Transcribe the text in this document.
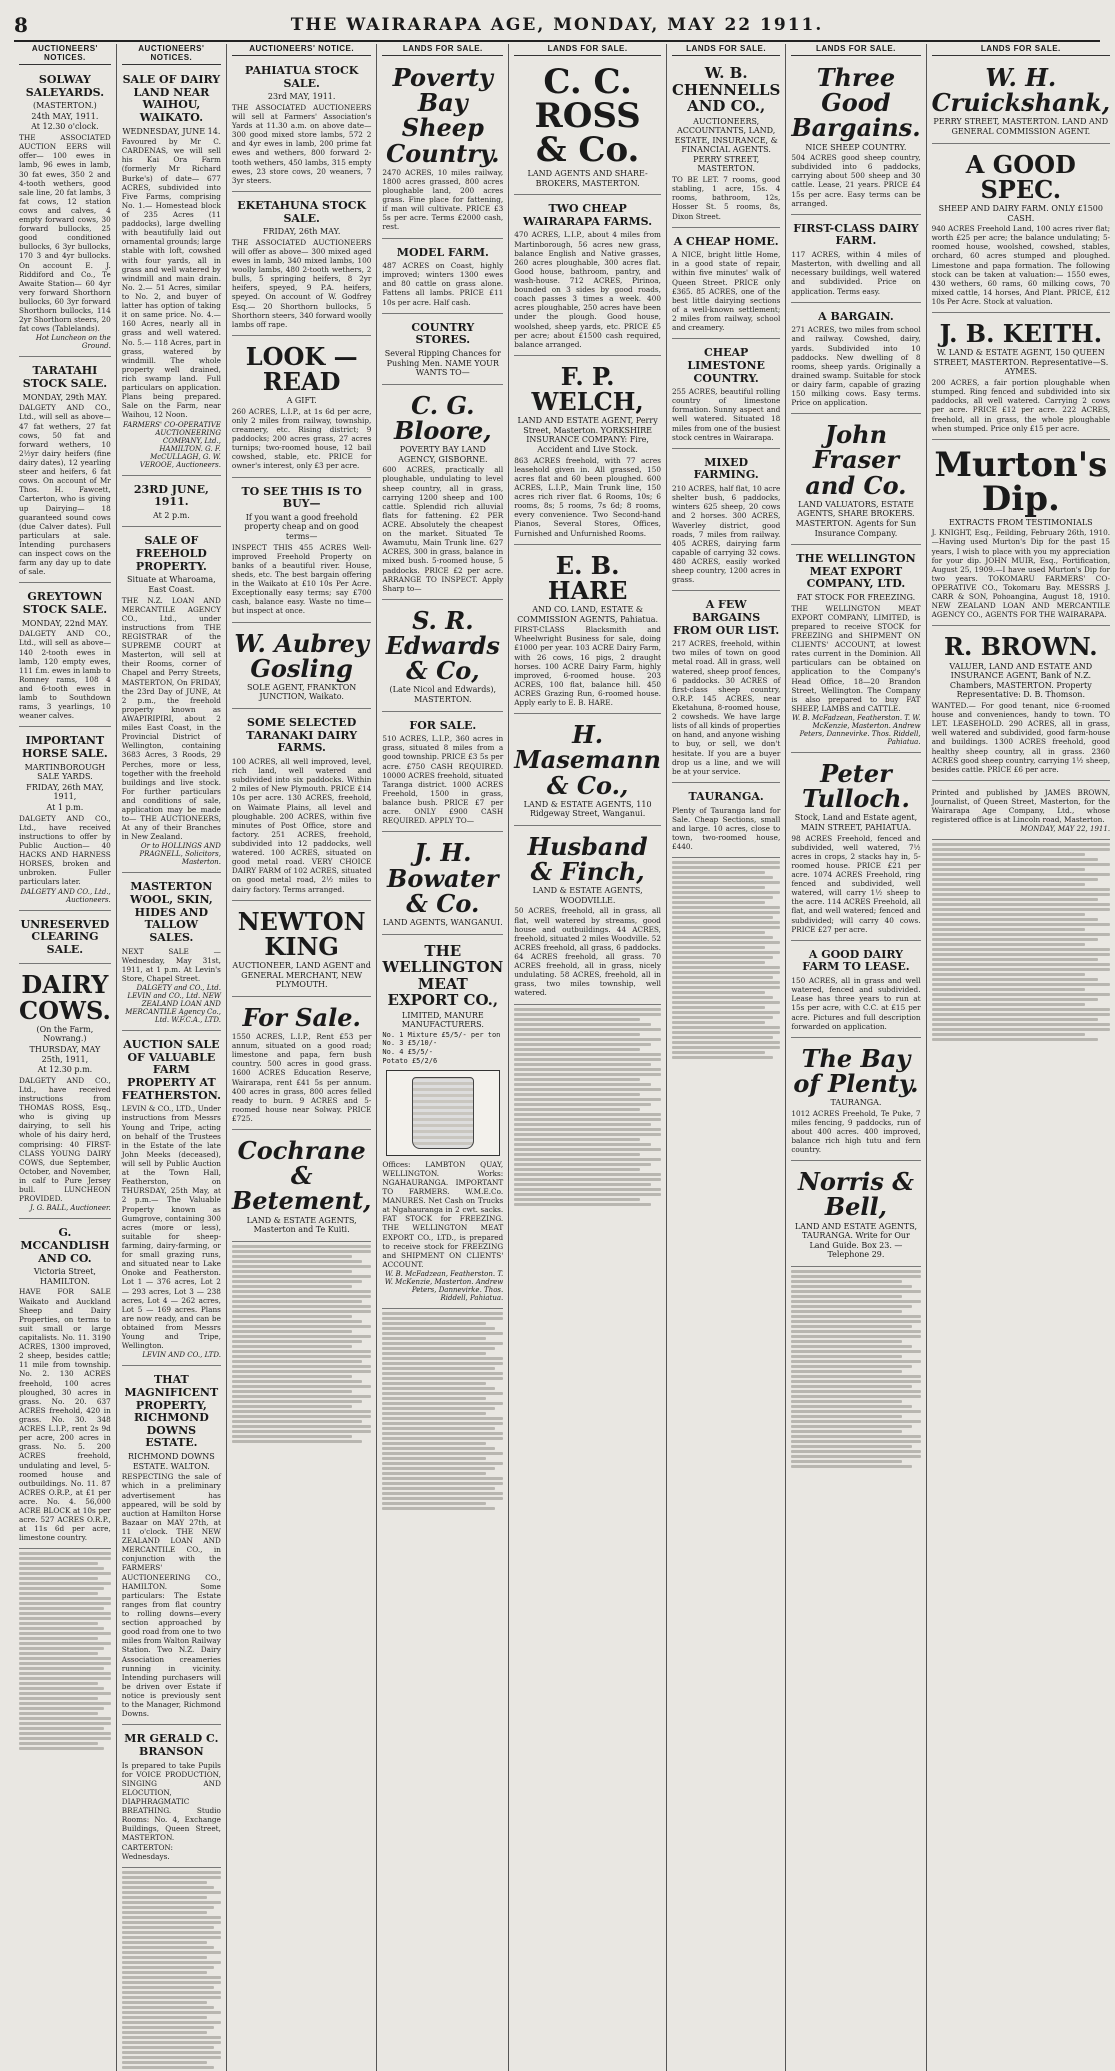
8	THE WAIRARAPA AGE, MONDAY, MAY 22 1911.
AUCTIONEERS' NOTICES.
SOLWAY SALEYARDS.
(MASTERTON.)
24th MAY, 1911.
At 12.30 o'clock.
THE ASSOCIATED AUCTION EERS will offer— 100 ewes in lamb, 96 ewes in lamb, 30 fat ewes, 350 2 and 4-tooth wethers, good sale line, 20 fat lambs, 3 fat cows, 12 station cows and calves, 4 empty forward cows, 30 forward bullocks, 25 good conditioned bullocks, 6 3yr bullocks, 170 3 and 4yr bullocks. On account E. J. Riddiford and Co., Te Awaite Station— 60 4yr very forward Shorthorn bullocks, 60 3yr forward Shorthorn bullocks, 114 2yr Shorthorn steers, 20 fat cows (Tablelands).
Hot Luncheon on the Ground.
TARATAHI STOCK SALE.
MONDAY, 29th MAY.
DALGETY AND CO., Ltd., will sell as above— 47 fat wethers, 27 fat cows, 50 fat and forward wethers, 10 2½yr dairy heifers (fine dairy dates), 12 yearling steer and heifers, 6 fat cows. On account of Mr Thos. H. Fawcett, Carterton, who is giving up Dairying— 18 guaranteed sound cows (due Calver dates). Full particulars at sale. Intending purchasers can inspect cows on the farm any day up to date of sale.
GREYTOWN STOCK SALE.
MONDAY, 22nd MAY.
DALGETY AND CO., Ltd., will sell as above— 140 2-tooth ewes in lamb, 120 empty ewes, 111 f.m. ewes in lamb to Romney rams, 108 4 and 6-tooth ewes in lamb to Southdown rams, 3 yearlings, 10 weaner calves.
IMPORTANT HORSE SALE.
MARTINBOROUGH SALE YARDS.
FRIDAY, 26th MAY, 1911,
At 1 p.m.
DALGETY AND CO., Ltd., have received instructions to offer by Public Auction— 40 HACKS AND HARNESS HORSES, broken and unbroken. Fuller particulars later.
DALGETY AND CO., Ltd., Auctioneers.
UNRESERVED CLEARING SALE.
DAIRY COWS.
(On the Farm, Nowrang.)
THURSDAY, MAY 25th, 1911,
At 12.30 p.m.
DALGETY AND CO., Ltd., have received instructions from THOMAS ROSS, Esq., who is giving up dairying, to sell his whole of his dairy herd, comprising: 40 FIRST-CLASS YOUNG DAIRY COWS, due September, October, and November, in calf to Pure Jersey bull. LUNCHEON PROVIDED.
J. G. BALL, Auctioneer.
G. MCCANDLISH AND CO.
Victoria Street, HAMILTON.
HAVE FOR SALE Waikato and Auckland Sheep and Dairy Properties, on terms to suit small or large capitalists. No. 11. 3190 ACRES, 1300 improved, 2 sheep, besides cattle; 11 mile from township. No. 2. 130 ACRES freehold, 100 acres ploughed, 30 acres in grass. No. 20. 637 ACRES freehold, 420 in grass. No. 30. 348 ACRES L.I.P., rent 2s 9d per acre, 200 acres in grass. No. 5. 200 ACRES freehold, undulating and level, 5-roomed house and outbuildings. No. 11. 87 ACRES O.R.P., at £1 per acre. No. 4. 56,000 ACRE BLOCK at 10s per acre. 527 ACRES O.R.P., at 11s 6d per acre, limestone country.
AUCTIONEERS' NOTICES.
SALE OF DAIRY LAND NEAR WAIHOU, WAIKATO.
WEDNESDAY, JUNE 14.
Favoured by Mr C. CARDENAS, we will sell his Kai Ora Farm (formerly Mr Richard Burke's) of date— 677 ACRES, subdivided into Five Farms, comprising No. 1.— Homestead block of 235 Acres (11 paddocks), large dwelling with beautifully laid out ornamental grounds; large stable with loft, cowshed with four yards, all in grass and well watered by windmill and main drain. No. 2.— 51 Acres, similar to No. 2, and buyer of latter has option of taking it on same price. No. 4.— 160 Acres, nearly all in grass and well watered. No. 5.— 118 Acres, part in grass, watered by windmill. The whole property well drained, rich swamp land. Full particulars on application. Plans being prepared. Sale on the Farm, near Waihou, 12 Noon.
FARMERS' CO-OPERATIVE AUCTIONEERING COMPANY, Ltd., HAMILTON. G. F. McCULLAGH, G. W. VEROOE, Auctioneers.
23RD JUNE, 1911.
At 2 p.m.
SALE OF FREEHOLD PROPERTY.
Situate at Wharoama, East Coast.
THE N.Z. LOAN AND MERCANTILE AGENCY CO., Ltd., under instructions from THE REGISTRAR of the SUPREME COURT at Masterton, will sell at their Rooms, corner of Chapel and Perry Streets, MASTERTON, On FRIDAY, the 23rd Day of JUNE, At 2 p.m., the freehold property known as AWAPIRIPIRI, about 2 miles East Coast, in the Provincial District of Wellington, containing 3683 Acres, 3 Roods, 29 Perches, more or less, together with the freehold buildings and live stock. For further particulars and conditions of sale, application may be made to— THE AUCTIONEERS, At any of their Branches in New Zealand.
Or to HOLLINGS AND PRAGNELL, Solicitors, Masterton.
MASTERTON WOOL, SKIN, HIDES AND TALLOW SALES.
NEXT SALE — Wednesday, May 31st, 1911, at 1 p.m. At Levin's Store, Chapel Street.
DALGETY and CO., Ltd. LEVIN and CO., Ltd. NEW ZEALAND LOAN AND MERCANTILE Agency Co., Ltd. W.F.C.A., LTD.
AUCTION SALE OF VALUABLE FARM PROPERTY AT FEATHERSTON.
LEVIN & CO., LTD., Under instructions from Messrs Young and Tripe, acting on behalf of the Trustees in the Estate of the late John Meeks (deceased), will sell by Public Auction at the Town Hall, Featherston, on THURSDAY, 25th May, at 2 p.m.— The Valuable Property known as Gumgrove, containing 300 acres (more or less), suitable for sheep-farming, dairy-farming, or for small grazing runs, and situated near to Lake Onoke and Featherston. Lot 1 — 376 acres, Lot 2 — 293 acres, Lot 3 — 238 acres, Lot 4 — 262 acres, Lot 5 — 169 acres. Plans are now ready, and can be obtained from Messrs Young and Tripe, Wellington.
LEVIN AND CO., LTD.
THAT MAGNIFICENT PROPERTY, RICHMOND DOWNS ESTATE.
RICHMOND DOWNS ESTATE. WALTON.
RESPECTING the sale of which in a preliminary advertisement has appeared, will be sold by auction at Hamilton Horse Bazaar on MAY 27th, at 11 o'clock. THE NEW ZEALAND LOAN AND MERCANTILE CO., in conjunction with the FARMERS' AUCTIONEERING CO., HAMILTON. Some particulars: The Estate ranges from flat country to rolling downs—every section approached by good road from one to two miles from Walton Railway Station. Two N.Z. Dairy Association creameries running in vicinity. Intending purchasers will be driven over Estate if notice is previously sent to the Manager, Richmond Downs.
MR GERALD C. BRANSON
Is prepared to take Pupils for VOICE PRODUCTION, SINGING AND ELOCUTION, DIAPHRAGMATIC BREATHING. Studio Rooms: No. 4, Exchange Buildings, Queen Street, MASTERTON. CARTERTON: Wednesdays.
AUCTIONEERS' NOTICE.
PAHIATUA STOCK SALE.
23rd MAY, 1911.
THE ASSOCIATED AUCTIONEERS will sell at Farmers' Association's Yards at 11.30 a.m. on above date— 300 good mixed store lambs, 572 2 and 4yr ewes in lamb, 200 prime fat ewes and wethers, 800 forward 2-tooth wethers, 450 lambs, 315 empty ewes, 23 store cows, 20 weaners, 7 3yr steers.
EKETAHUNA STOCK SALE.
FRIDAY, 26th MAY.
THE ASSOCIATED AUCTIONEERS will offer as above— 300 mixed aged ewes in lamb, 340 mixed lambs, 100 woolly lambs, 480 2-tooth wethers, 2 bulls, 5 springing heifers, 8 2yr heifers, speyed, 9 P.A. heifers, speyed. On account of W. Godfrey Esq.— 20 Shorthorn bullocks, 5 Shorthorn steers, 340 forward woolly lambs off rape.
LOOK — READ
A GIFT.
260 ACRES, L.I.P., at 1s 6d per acre, only 2 miles from railway, township, creamery, etc. Rising district; 9 paddocks; 200 acres grass, 27 acres turnips; two-roomed house, 12 bail cowshed, stable, etc. PRICE for owner's interest, only £3 per acre.
TO SEE THIS IS TO BUY—
If you want a good freehold property cheap and on good terms—
INSPECT THIS 455 ACRES Well-improved Freehold Property on banks of a beautiful river. House, sheds, etc. The best bargain offering in the Waikato at £10 10s Per Acre. Exceptionally easy terms; say £700 cash, balance easy. Waste no time—but inspect at once.
W. Aubrey Gosling
SOLE AGENT, FRANKTON JUNCTION, Waikato.
SOME SELECTED TARANAKI DAIRY FARMS.
100 ACRES, all well improved, level, rich land, well watered and subdivided into six paddocks. Within 2 miles of New Plymouth. PRICE £14 10s per acre. 130 ACRES, freehold, on Waimate Plains, all level and ploughable. 200 ACRES, within five minutes of Post Office, store and factory. 251 ACRES, freehold, subdivided into 12 paddocks, well watered. 100 ACRES, situated on good metal road. VERY CHOICE DAIRY FARM of 102 ACRES, situated on good metal road, 2½ miles to dairy factory. Terms arranged.
NEWTON KING
AUCTIONEER, LAND AGENT and GENERAL MERCHANT, NEW PLYMOUTH.
For Sale.
1550 ACRES, L.I.P., Rent £53 per annum, situated on a good road; limestone and papa, fern bush country. 500 acres in good grass. 1600 ACRES Education Reserve, Wairarapa, rent £41 5s per annum. 400 acres in grass, 800 acres felled ready to burn. 9 ACRES and 5-roomed house near Solway. PRICE £725.
Cochrane & Betement,
LAND & ESTATE AGENTS, Masterton and Te Kuiti.
LANDS FOR SALE.
Poverty Bay Sheep Country.
2470 ACRES, 10 miles railway, 1800 acres grassed, 800 acres ploughable land, 200 acres grass. Fine place for fattening, if man will cultivate. PRICE £3 5s per acre. Terms £2000 cash, rest.
MODEL FARM.
487 ACRES on Coast, highly improved; winters 1300 ewes and 80 cattle on grass alone. Fattens all lambs. PRICE £11 10s per acre. Half cash.
COUNTRY STORES.
Several Ripping Chances for Pushing Men. NAME YOUR WANTS TO—
C. G. Bloore,
POVERTY BAY LAND AGENCY, GISBORNE.
600 ACRES, practically all ploughable, undulating to level sheep country, all in grass, carrying 1200 sheep and 100 cattle. Splendid rich alluvial flats for fattening. £2 PER ACRE. Absolutely the cheapest on the market. Situated Te Awamutu, Main Trunk line. 627 ACRES, 300 in grass, balance in mixed bush. 5-roomed house, 5 paddocks. PRICE £2 per acre. ARRANGE TO INSPECT. Apply Sharp to—
S. R. Edwards & Co,
(Late Nicol and Edwards), MASTERTON.
FOR SALE.
510 ACRES, L.I.P., 360 acres in grass, situated 8 miles from a good township. PRICE £3 5s per acre. £750 CASH REQUIRED. 10000 ACRES freehold, situated Taranga district. 1000 ACRES Freehold, 1500 in grass, balance bush. PRICE £7 per acre. ONLY £900 CASH REQUIRED. APPLY TO—
J. H. Bowater & Co.
LAND AGENTS, WANGANUI.
THE WELLINGTON MEAT EXPORT CO.,
LIMITED, MANURE MANUFACTURERS.
No. 1 Mixture £5/5/- per ton
No. 3 £5/10/-
No. 4 £5/5/-
Potato £5/2/6
Offices: LAMBTON QUAY, WELLINGTON. Works: NGAHAURANGA. IMPORTANT TO FARMERS. W.M.E.Co. MANURES. Net Cash on Trucks at Ngahauranga in 2 cwt. sacks. FAT STOCK for FREEZING. THE WELLINGTON MEAT EXPORT CO., LTD., is prepared to receive stock for FREEZING and SHIPMENT ON CLIENTS' ACCOUNT.
W. B. McFadzean, Featherston. T. W. McKenzie, Masterton. Andrew Peters, Dannevirke. Thos. Riddell, Pahiatua.
LANDS FOR SALE.
C. C. ROSS & Co.
LAND AGENTS AND SHARE-BROKERS, MASTERTON.
TWO CHEAP WAIRARAPA FARMS.
470 ACRES, L.I.P., about 4 miles from Martinborough, 56 acres new grass, balance English and Native grasses, 260 acres ploughable, 300 acres flat. Good house, bathroom, pantry, and wash-house. 712 ACRES, Pirinoa, bounded on 3 sides by good roads, coach passes 3 times a week. 400 acres ploughable, 250 acres have been under the plough. Good house, woolshed, sheep yards, etc. PRICE £5 per acre; about £1500 cash required, balance arranged.
F. P. WELCH,
LAND AND ESTATE AGENT, Perry Street, Masterton. YORKSHIRE INSURANCE COMPANY: Fire, Accident and Live Stock.
863 ACRES freehold, with 77 acres leasehold given in. All grassed, 150 acres flat and 60 been ploughed. 600 ACRES, L.I.P., Main Trunk line, 150 acres rich river flat. 6 Rooms, 10s; 6 rooms, 8s; 5 rooms, 7s 6d; 8 rooms, every convenience. Two Second-hand Pianos, Several Stores, Offices, Furnished and Unfurnished Rooms.
E. B. HARE
AND CO. LAND, ESTATE & COMMISSION AGENTS, Pahiatua.
FIRST-CLASS Blacksmith and Wheelwright Business for sale, doing £1000 per year. 103 ACRE Dairy Farm, with 26 cows, 16 pigs, 2 draught horses. 100 ACRE Dairy Farm, highly improved, 6-roomed house. 203 ACRES, 100 flat, balance hill. 450 ACRES Grazing Run, 6-roomed house. Apply early to E. B. HARE.
H. Masemann & Co.,
LAND & ESTATE AGENTS, 110 Ridgeway Street, Wanganui.
Husband & Finch,
LAND & ESTATE AGENTS, WOODVILLE.
50 ACRES, freehold, all in grass, all flat, well watered by streams, good house and outbuildings. 44 ACRES, freehold, situated 2 miles Woodville. 52 ACRES freehold, all grass, 6 paddocks. 64 ACRES freehold, all grass. 70 ACRES freehold, all in grass, nicely undulating. 58 ACRES, freehold, all in grass, two miles township, well watered.
LANDS FOR SALE.
W. B. CHENNELLS AND CO.,
AUCTIONEERS, ACCOUNTANTS, LAND, ESTATE, INSURANCE, & FINANCIAL AGENTS. PERRY STREET, MASTERTON.
TO BE LET. 7 rooms, good stabling, 1 acre, 15s. 4 rooms, bathroom, 12s, Hosser St. 5 rooms, 8s, Dixon Street.
A CHEAP HOME.
A NICE, bright little Home, in a good state of repair, within five minutes' walk of Queen Street. PRICE only £365. 85 ACRES, one of the best little dairying sections of a well-known settlement; 2 miles from railway, school and creamery.
CHEAP LIMESTONE COUNTRY.
255 ACRES, beautiful rolling country of limestone formation. Sunny aspect and well watered. Situated 18 miles from one of the busiest stock centres in Wairarapa.
MIXED FARMING.
210 ACRES, half flat, 10 acre shelter bush, 6 paddocks, winters 625 sheep, 20 cows and 2 horses. 300 ACRES, Waverley district, good roads, 7 miles from railway. 405 ACRES, dairying farm capable of carrying 32 cows. 480 ACRES, easily worked sheep country, 1200 acres in grass.
A FEW BARGAINS FROM OUR LIST.
217 ACRES, freehold, within two miles of town on good metal road. All in grass, well watered, sheep proof fences, 6 paddocks. 30 ACRES of first-class sheep country, O.R.P. 145 ACRES, near Eketahuna, 8-roomed house, 2 cowsheds. We have large lists of all kinds of properties on hand, and anyone wishing to buy, or sell, we don't hesitate. If you are a buyer drop us a line, and we will be at your service.
TAURANGA.
Plenty of Tauranga land for Sale. Cheap Sections, small and large. 10 acres, close to town, two-roomed house, £440.
LANDS FOR SALE.
Three Good Bargains.
NICE SHEEP COUNTRY.
504 ACRES good sheep country, subdivided into 6 paddocks, carrying about 500 sheep and 30 cattle. Lease, 21 years. PRICE £4 15s per acre. Easy terms can be arranged.
FIRST-CLASS DAIRY FARM.
117 ACRES, within 4 miles of Masterton, with dwelling and all necessary buildings, well watered and subdivided. Price on application. Terms easy.
A BARGAIN.
271 ACRES, two miles from school and railway. Cowshed, dairy, yards. Subdivided into 10 paddocks. New dwelling of 8 rooms, sheep yards. Originally a drained swamp. Suitable for stock or dairy farm, capable of grazing 150 milking cows. Easy terms. Price on application.
John Fraser and Co.
LAND VALUATORS, ESTATE AGENTS, SHARE BROKERS. MASTERTON. Agents for Sun Insurance Company.
THE WELLINGTON MEAT EXPORT COMPANY, LTD.
FAT STOCK FOR FREEZING.
THE WELLINGTON MEAT EXPORT COMPANY, LIMITED, is prepared to receive STOCK for FREEZING and SHIPMENT ON CLIENTS' ACCOUNT, at lowest rates current in the Dominion. All particulars can be obtained on application to the Company's Head Office, 18—20 Brandon Street, Wellington. The Company is also prepared to buy FAT SHEEP, LAMBS and CATTLE.
W. B. McFadzean, Featherston. T. W. McKenzie, Masterton. Andrew Peters, Dannevirke. Thos. Riddell, Pahiatua.
Peter Tulloch.
Stock, Land and Estate agent, MAIN STREET, PAHIATUA.
98 ACRES Freehold, fenced and subdivided, well watered, 7½ acres in crops, 2 stacks hay in, 5-roomed house. PRICE £21 per acre. 1074 ACRES Freehold, ring fenced and subdivided, well watered, will carry 1½ sheep to the acre. 114 ACRES Freehold, all flat, and well watered; fenced and subdivided; will carry 40 cows. PRICE £27 per acre.
A GOOD DAIRY FARM TO LEASE.
150 ACRES, all in grass and well watered, fenced and subdivided. Lease has three years to run at 15s per acre, with C.C. at £15 per acre. Pictures and full description forwarded on application.
The Bay of Plenty.
TAURANGA.
1012 ACRES Freehold, Te Puke, 7 miles fencing, 9 paddocks, run of about 400 acres. 400 improved, balance rich high tutu and fern country.
Norris & Bell,
LAND AND ESTATE AGENTS, TAURANGA. Write for Our Land Guide. Box 23. — Telephone 29.
LANDS FOR SALE.
W. H. Cruickshank,
PERRY STREET, MASTERTON. LAND AND GENERAL COMMISSION AGENT.
A GOOD SPEC.
SHEEP AND DAIRY FARM. ONLY £1500 CASH.
940 ACRES Freehold Land, 100 acres river flat; worth £25 per acre; the balance undulating; 5-roomed house, woolshed, cowshed, stables, orchard, 60 acres stumped and ploughed. Limestone and papa formation. The following stock can be taken at valuation:— 1550 ewes, 430 wethers, 60 rams, 60 milking cows, 70 mixed cattle, 14 horses, And Plant. PRICE, £12 10s Per Acre. Stock at valuation.
J. B. KEITH.
W. LAND & ESTATE AGENT, 150 QUEEN STREET, MASTERTON. Representative—S. AYMES.
200 ACRES, a fair portion ploughable when stumped. Ring fenced and subdivided into six paddocks, all well watered. Carrying 2 cows per acre. PRICE £12 per acre. 222 ACRES, freehold, all in grass, the whole ploughable when stumped. Price only £15 per acre.
Murton's Dip.
EXTRACTS FROM TESTIMONIALS
J. KNIGHT, Esq., Feilding, February 26th, 1910.—Having used Murton's Dip for the past 15 years, I wish to place with you my appreciation for your dip. JOHN MUIR, Esq., Fortification, August 25, 1909.—I have used Murton's Dip for two years. TOKOMARU FARMERS' CO-OPERATIVE CO., Tokomaru Bay. MESSRS J. CARR & SON, Pohoangina, August 18, 1910. NEW ZEALAND LOAN AND MERCANTILE AGENCY CO., AGENTS FOR THE WAIRARAPA.
R. BROWN.
VALUER, LAND AND ESTATE AND INSURANCE AGENT, Bank of N.Z. Chambers, MASTERTON. Property Representative: D. B. Thomson.
WANTED.— For good tenant, nice 6-roomed house and conveniences, handy to town. TO LET. LEASEHOLD. 290 ACRES, all in grass, well watered and subdivided, good farm-house and buildings. 1300 ACRES freehold, good healthy sheep country, all in grass. 2360 ACRES good sheep country, carrying 1½ sheep, besides cattle. PRICE £6 per acre.
Printed and published by JAMES BROWN, Journalist, of Queen Street, Masterton, for the Wairarapa Age Company, Ltd., whose registered office is at Lincoln road, Masterton.
MONDAY, MAY 22, 1911.
